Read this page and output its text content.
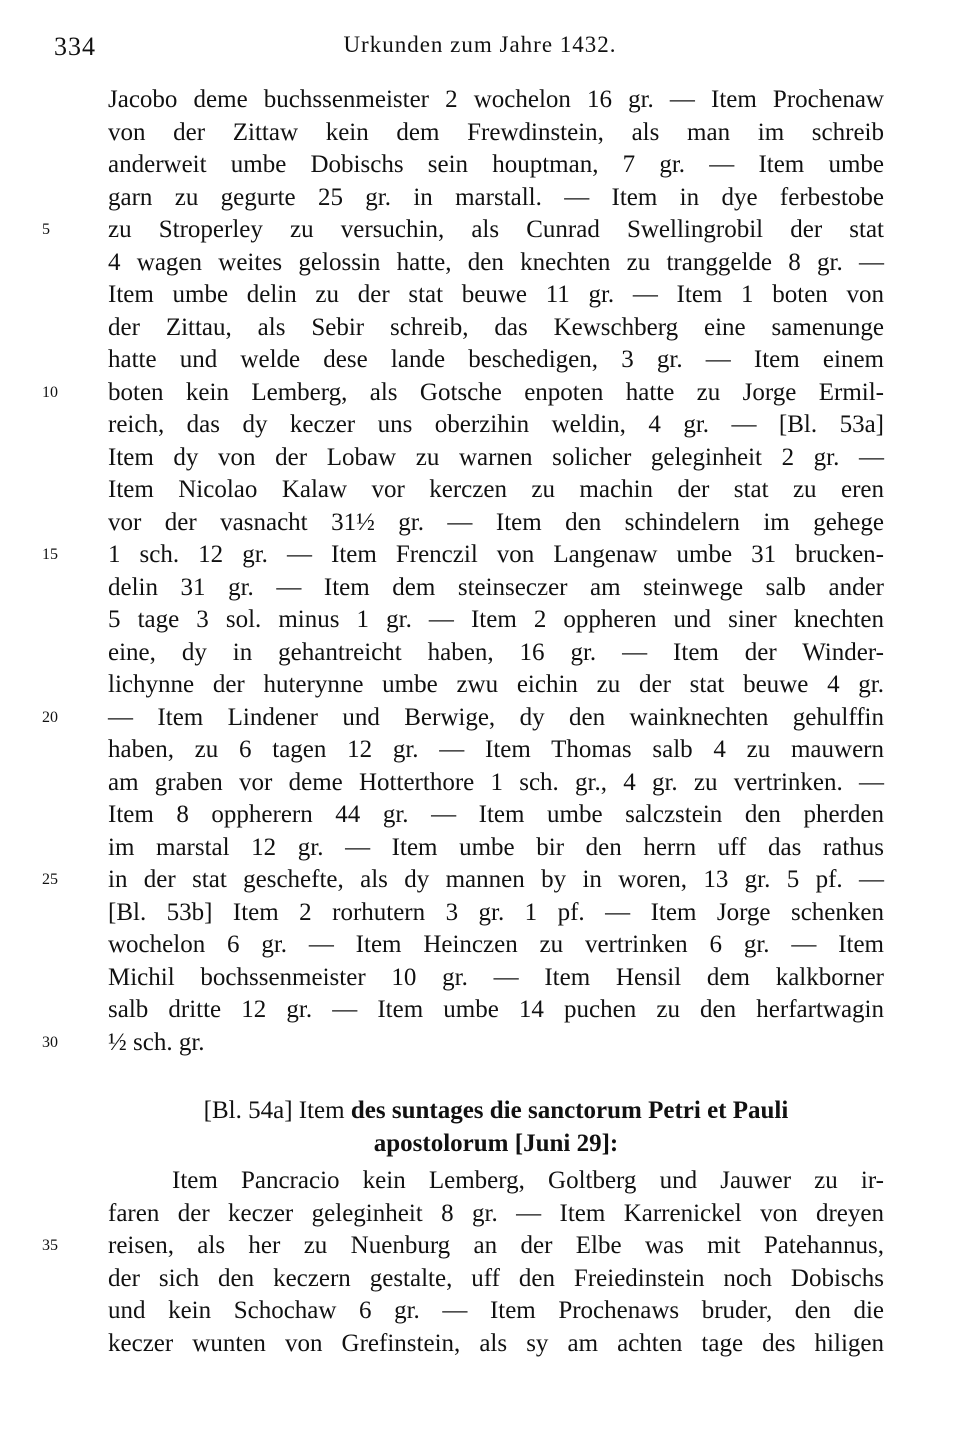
334	Urkunden zum Jahre 1432.
Jacobo deme buchssenmeister 2 wochelon 16 gr. — Item Prochenaw
von der Zittaw kein dem Frewdinstein, als man im schreib
anderweit umbe Dobischs sein houptman, 7 gr. — Item umbe
garn zu gegurte 25 gr. in marstall. — Item in dye ferbestobe
5	zu Stroperley zu versuchin, als Cunrad Swellingrobil der stat
4 wagen weites gelossin hatte, den knechten zu tranggelde 8 gr. —
Item umbe delin zu der stat beuwe 11 gr. — Item 1 boten von
der Zittau, als Sebir schreib, das Kewschberg eine samenunge
hatte und welde dese lande beschedigen, 3 gr. — Item einem
10	boten kein Lemberg, als Gotsche enpoten hatte zu Jorge Ermil-
reich, das dy keczer uns oberzihin weldin, 4 gr. — [Bl. 53a]
Item dy von der Lobaw zu warnen solicher geleginheit 2 gr. —
Item Nicolao Kalaw vor kerczen zu machin der stat zu eren
vor der vasnacht 31½ gr. — Item den schindelern im gehege
15	1 sch. 12 gr. — Item Frenczil von Langenaw umbe 31 brucken-
delin 31 gr. — Item dem steinseczer am steinwege salb ander
5 tage 3 sol. minus 1 gr. — Item 2 oppheren und siner knechten
eine, dy in gehantreicht haben, 16 gr. — Item der Winder-
lichynne der huterynne umbe zwu eichin zu der stat beuwe 4 gr.
20	— Item Lindener und Berwige, dy den wainknechten gehulffin
haben, zu 6 tagen 12 gr. — Item Thomas salb 4 zu mauwern
am graben vor deme Hotterthore 1 sch. gr., 4 gr. zu vertrinken. —
Item 8 oppherern 44 gr. — Item umbe salczstein den pherden
im marstal 12 gr. — Item umbe bir den herrn uff das rathus
25	in der stat geschefte, als dy mannen by in woren, 13 gr. 5 pf. —
[Bl. 53b] Item 2 rorhutern 3 gr. 1 pf. — Item Jorge schenken
wochelon 6 gr. — Item Heinczen zu vertrinken 6 gr. — Item
Michil bochssenmeister 10 gr. — Item Hensil dem kalkborner
salb dritte 12 gr. — Item umbe 14 puchen zu den herfartwagin
30	½ sch. gr.
[Bl. 54a] Item des suntages die sanctorum Petri et Pauli
apostolorum [Juni 29]:
Item Pancracio kein Lemberg, Goltberg und Jauwer zu ir-
faren der keczer geleginheit 8 gr. — Item Karrenickel von dreyen
35	reisen, als her zu Nuenburg an der Elbe was mit Patehannus,
der sich den keczern gestalte, uff den Freiedinstein noch Dobischs
und kein Schochaw 6 gr. — Item Prochenaws bruder, den die
keczer wunten von Grefinstein, als sy am achten tage des hiligen
